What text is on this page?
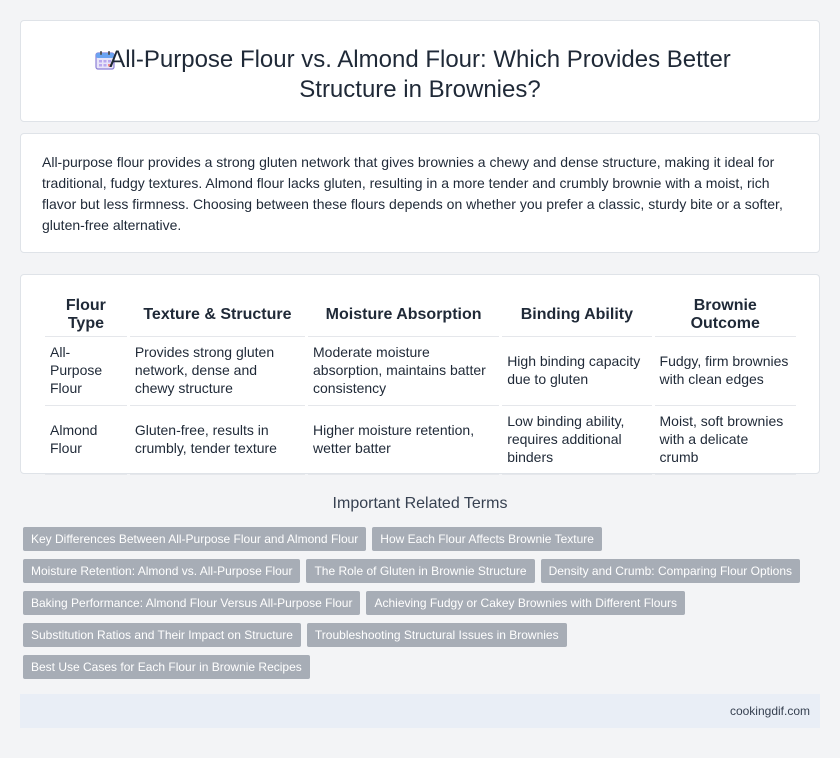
All-Purpose Flour vs. Almond Flour: Which Provides Better Structure in Brownies?

All-purpose flour provides a strong gluten network that gives brownies a chewy and dense structure, making it ideal for traditional, fudgy textures. Almond flour lacks gluten, resulting in a more tender and crumbly brownie with a moist, rich flavor but less firmness. Choosing between these flours depends on whether you prefer a classic, sturdy bite or a softer, gluten-free alternative.

Flour Type	Texture & Structure	Moisture Absorption	Binding Ability	Brownie Outcome
All-Purpose Flour	Provides strong gluten network, dense and chewy structure	Moderate moisture absorption, maintains batter consistency	High binding capacity due to gluten	Fudgy, firm brownies with clean edges
Almond Flour	Gluten-free, results in crumbly, tender texture	Higher moisture retention, wetter batter	Low binding ability, requires additional binders	Moist, soft brownies with a delicate crumb
Important Related Terms
Key Differences Between All-Purpose Flour and Almond Flour	How Each Flour Affects Brownie Texture
Moisture Retention: Almond vs. All-Purpose Flour	The Role of Gluten in Brownie Structure	Density and Crumb: Comparing Flour Options
Baking Performance: Almond Flour Versus All-Purpose Flour	Achieving Fudgy or Cakey Brownies with Different Flours
Substitution Ratios and Their Impact on Structure	Troubleshooting Structural Issues in Brownies
Best Use Cases for Each Flour in Brownie Recipes
cookingdif.com
